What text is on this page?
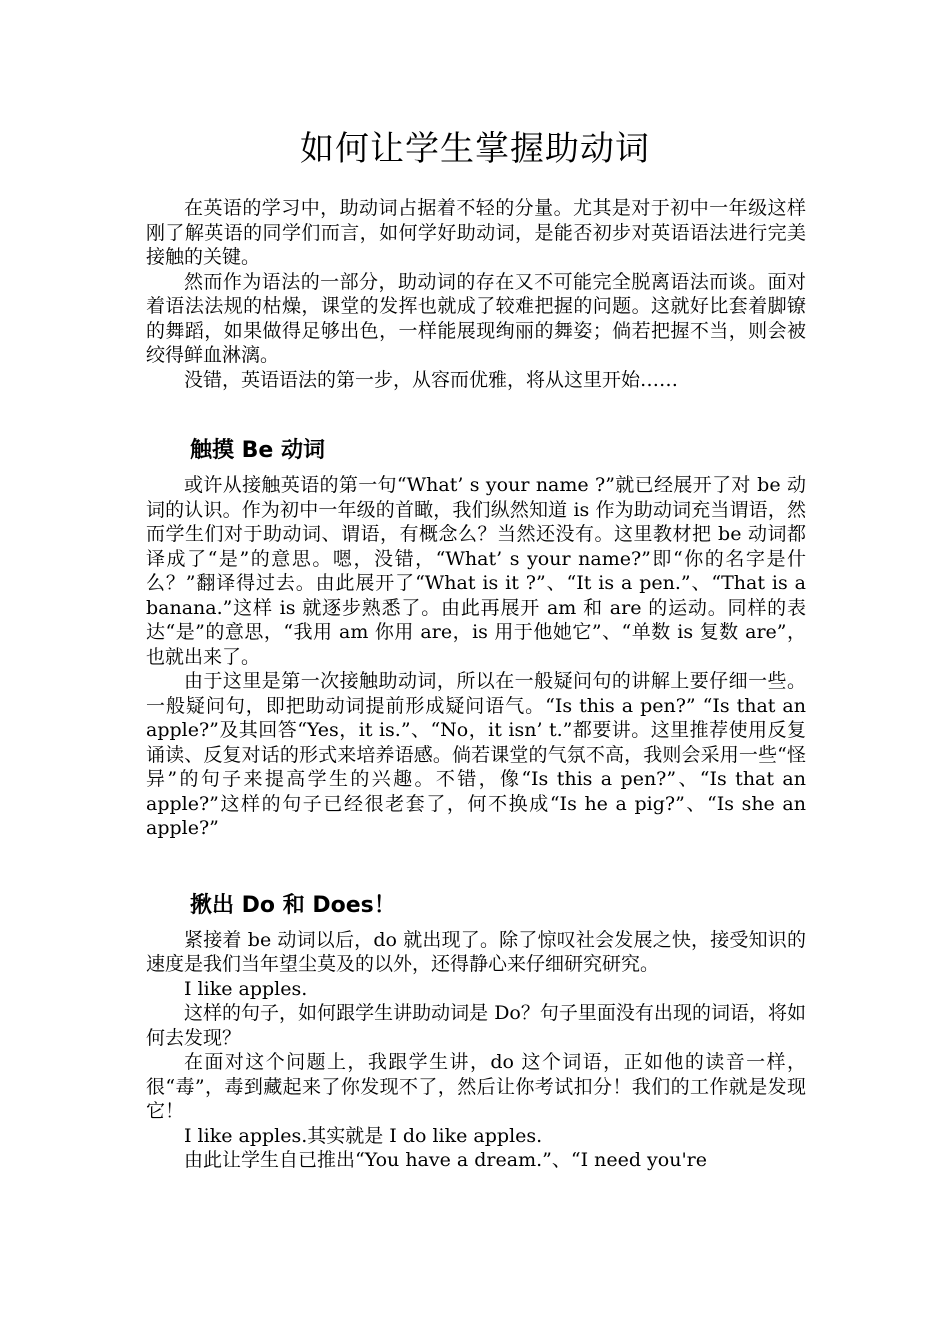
如何让学生掌握助动词

在英语的学习中，助动词占据着不轻的分量。尤其是对于初中一年级这样刚了解英语的同学们而言，如何学好助动词，是能否初步对英语语法进行完美接触的关键。

然而作为语法的一部分，助动词的存在又不可能完全脱离语法而谈。面对着语法法规的枯燥，课堂的发挥也就成了较难把握的问题。这就好比套着脚镣的舞蹈，如果做得足够出色，一样能展现绚丽的舞姿；倘若把握不当，则会被绞得鲜血淋漓。

没错，英语语法的第一步，从容而优雅，将从这里开始……

触摸 Be 动词

或许从接触英语的第一句“What’ s your name ?”就已经展开了对 be 动词的认识。作为初中一年级的首瞰，我们纵然知道 is 作为助动词充当谓语，然而学生们对于助动词、谓语，有概念么？当然还没有。这里教材把 be 动词都译成了“是”的意思。嗯，没错，“What’ s your name?”即“你的名字是什么？”翻译得过去。由此展开了“What is it ?”、“It is a pen.”、“That is a banana.”这样 is 就逐步熟悉了。由此再展开 am 和 are 的运动。同样的表达“是”的意思，“我用 am 你用 are，is 用于他她它”、“单数 is 复数 are”，也就出来了。

由于这里是第一次接触助动词，所以在一般疑问句的讲解上要仔细一些。一般疑问句，即把助动词提前形成疑问语气。“Is this a pen?” “Is that an apple?”及其回答“Yes，it is.”、“No，it isn’ t.”都要讲。这里推荐使用反复诵读、反复对话的形式来培养语感。倘若课堂的气氛不高，我则会采用一些“怪异”的句子来提高学生的兴趣。不错，像“Is this a pen?”、“Is that an apple?”这样的句子已经很老套了，何不换成“Is he a pig?”、“Is she an apple?”

揪出 Do 和 Does！

紧接着 be 动词以后，do 就出现了。除了惊叹社会发展之快，接受知识的速度是我们当年望尘莫及的以外，还得静心来仔细研究研究。

I like apples.

这样的句子，如何跟学生讲助动词是 Do？句子里面没有出现的词语，将如何去发现？

在面对这个问题上，我跟学生讲，do 这个词语，正如他的读音一样，很“毒”，毒到藏起来了你发现不了，然后让你考试扣分！我们的工作就是发现它！

I like apples.其实就是 I do like apples.

由此让学生自已推出“You have a dream.”、“I need you're
